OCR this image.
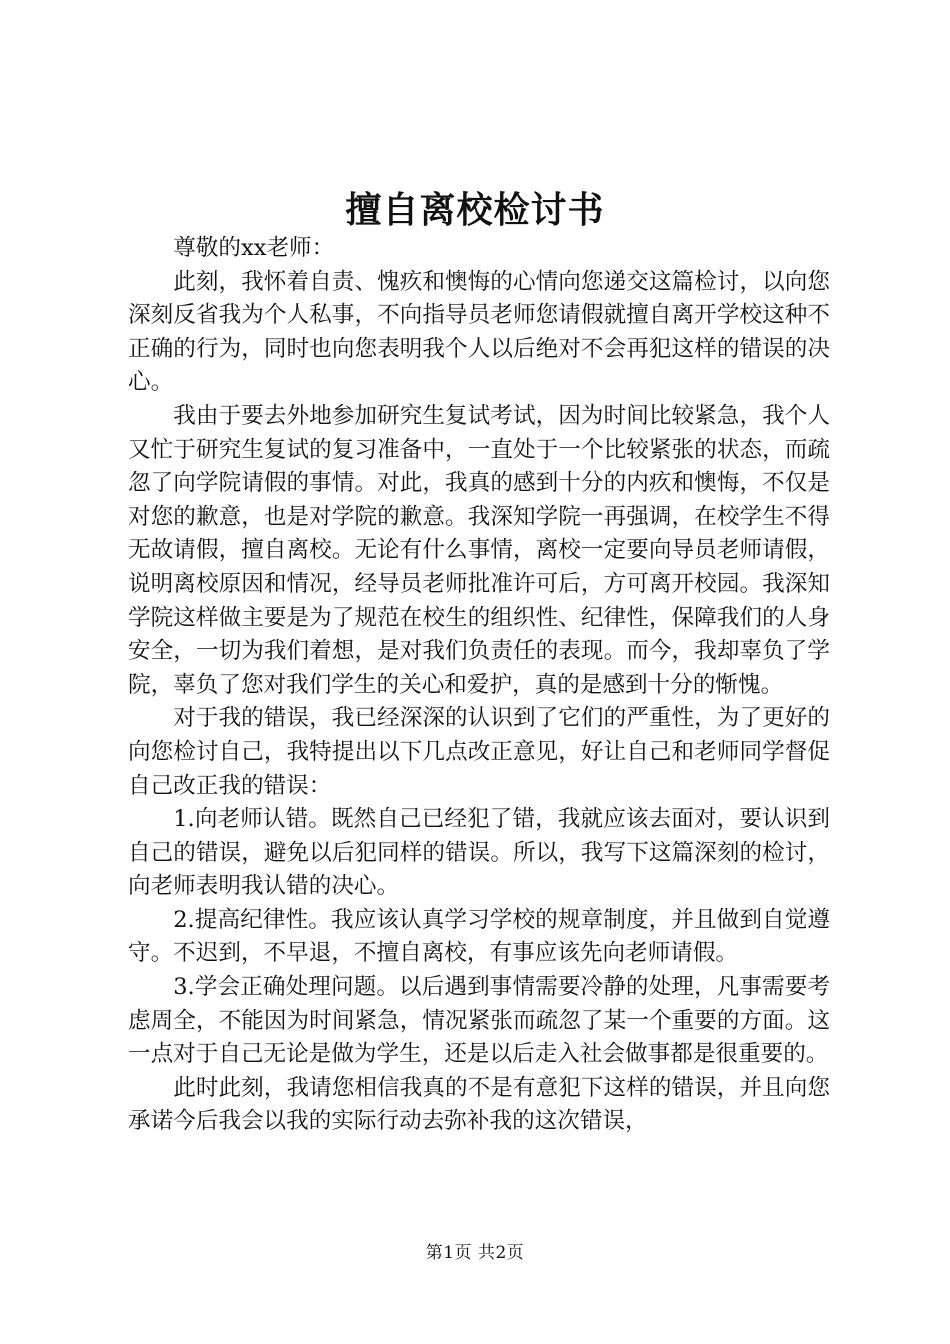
擅自离校检讨书

尊敬的xx老师：

此刻，我怀着自责、愧疚和懊悔的心情向您递交这篇检讨，以向您深刻反省我为个人私事，不向指导员老师您请假就擅自离开学校这种不正确的行为，同时也向您表明我个人以后绝对不会再犯这样的错误的决心。

我由于要去外地参加研究生复试考试，因为时间比较紧急，我个人又忙于研究生复试的复习准备中，一直处于一个比较紧张的状态，而疏忽了向学院请假的事情。对此，我真的感到十分的内疚和懊悔，不仅是对您的歉意，也是对学院的歉意。我深知学院一再强调，在校学生不得无故请假，擅自离校。无论有什么事情，离校一定要向导员老师请假，说明离校原因和情况，经导员老师批准许可后，方可离开校园。我深知学院这样做主要是为了规范在校生的组织性、纪律性，保障我们的人身安全，一切为我们着想，是对我们负责任的表现。而今，我却辜负了学院，辜负了您对我们学生的关心和爱护，真的是感到十分的惭愧。

对于我的错误，我已经深深的认识到了它们的严重性，为了更好的向您检讨自己，我特提出以下几点改正意见，好让自己和老师同学督促自己改正我的错误：

1.向老师认错。既然自己已经犯了错，我就应该去面对，要认识到自己的错误，避免以后犯同样的错误。所以，我写下这篇深刻的检讨，向老师表明我认错的决心。

2.提高纪律性。我应该认真学习学校的规章制度，并且做到自觉遵守。不迟到，不早退，不擅自离校，有事应该先向老师请假。

3.学会正确处理问题。以后遇到事情需要冷静的处理，凡事需要考虑周全，不能因为时间紧急，情况紧张而疏忽了某一个重要的方面。这一点对于自己无论是做为学生，还是以后走入社会做事都是很重要的。

此时此刻，我请您相信我真的不是有意犯下这样的错误，并且向您承诺今后我会以我的实际行动去弥补我的这次错误，

第1页 共2页
